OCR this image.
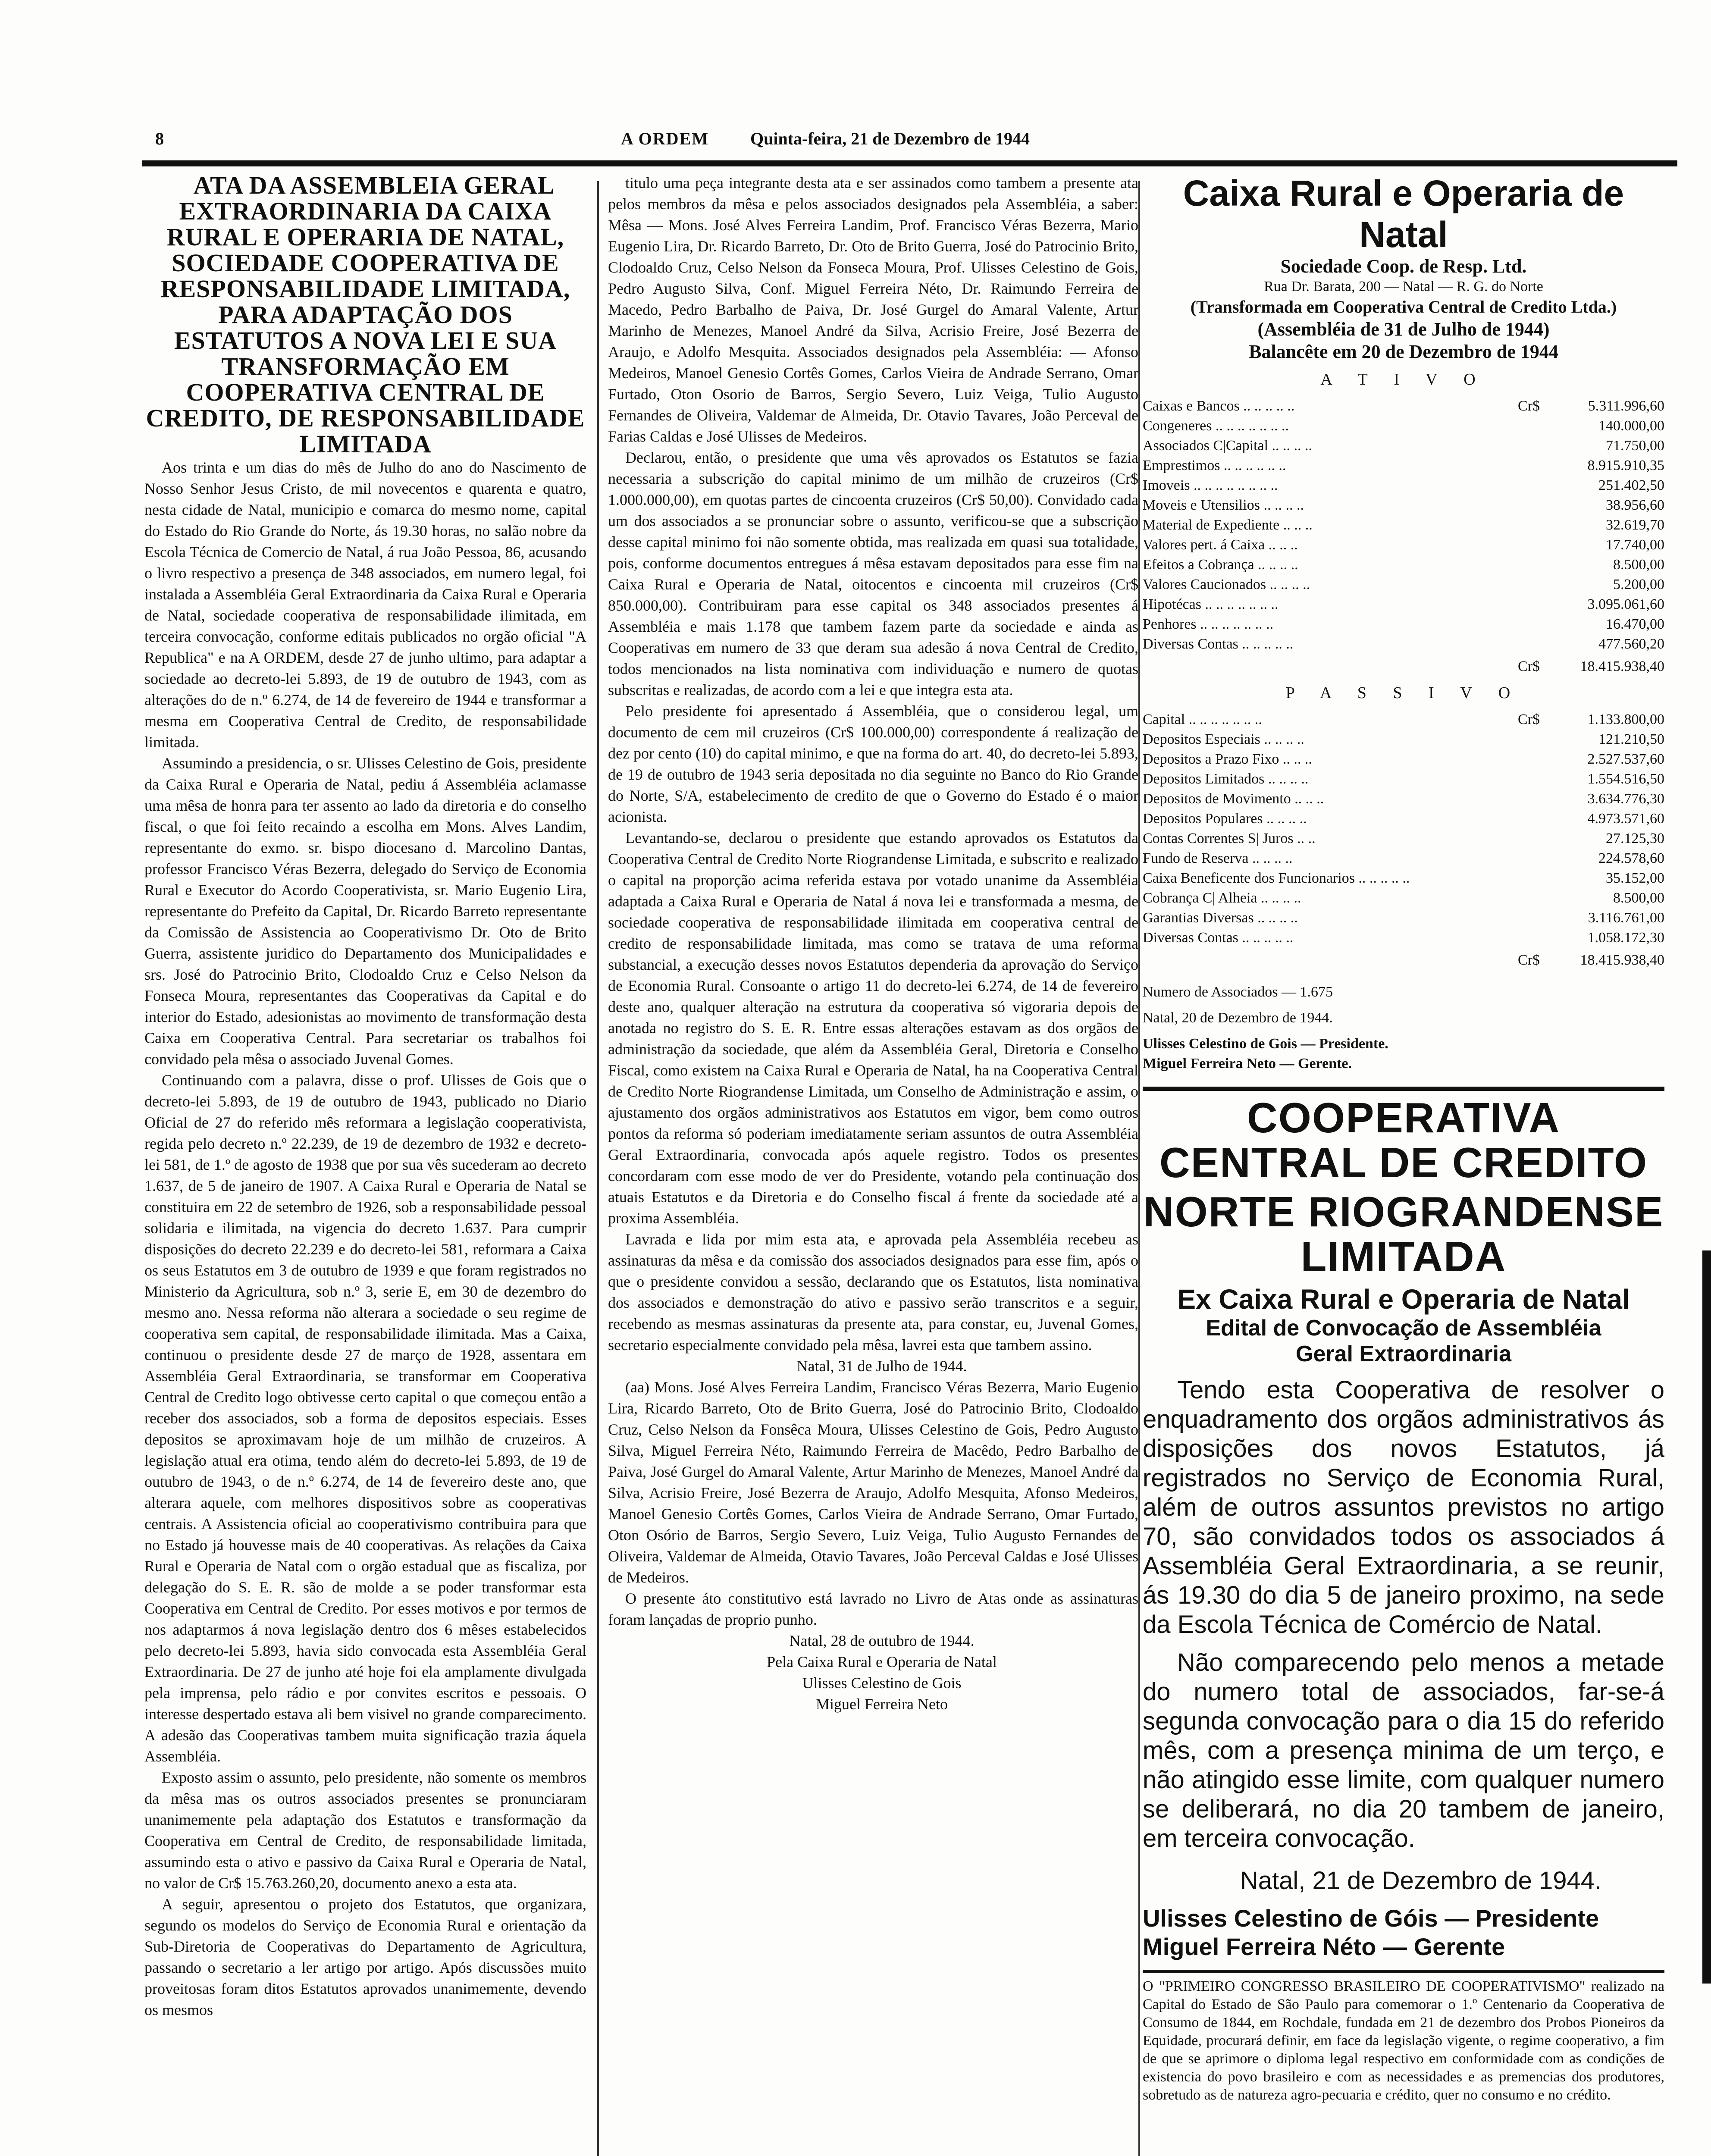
8	A ORDEM Quinta-feira, 21 de Dezembro de 1944

ATA DA ASSEMBLEIA GERAL EXTRAORDINARIA DA CAIXA RURAL E OPERARIA DE NATAL, SOCIEDADE COOPERATIVA DE RESPONSABILIDADE LIMITADA, PARA ADAPTAÇÃO DOS ESTATUTOS A NOVA LEI E SUA TRANSFORMAÇÃO EM COOPERATIVA CENTRAL DE CREDITO, DE RESPONSABILIDADE LIMITADA

Aos trinta e um dias do mês de Julho do ano do Nascimento de Nosso Senhor Jesus Cristo, de mil novecentos e quarenta e quatro, nesta cidade de Natal, municipio e comarca do mesmo nome, capital do Estado do Rio Grande do Norte, ás 19.30 horas, no salão nobre da Escola Técnica de Comercio de Natal, á rua João Pessoa, 86, acusando o livro respectivo a presença de 348 associados, em numero legal, foi instalada a Assembléia Geral Extraordinaria da Caixa Rural e Operaria de Natal, sociedade cooperativa de responsabilidade ilimitada, em terceira convocação, conforme editais publicados no orgão oficial "A Republica" e na A ORDEM, desde 27 de junho ultimo, para adaptar a sociedade ao decreto-lei 5.893, de 19 de outubro de 1943, com as alterações do de n.º 6.274, de 14 de fevereiro de 1944 e transformar a mesma em Cooperativa Central de Credito, de responsabilidade limitada.

Assumindo a presidencia, o sr. Ulisses Celestino de Gois, presidente da Caixa Rural e Operaria de Natal, pediu á Assembléia aclamasse uma mêsa de honra para ter assento ao lado da diretoria e do conselho fiscal, o que foi feito recaindo a escolha em Mons. Alves Landim, representante do exmo. sr. bispo diocesano d. Marcolino Dantas, professor Francisco Véras Bezerra, delegado do Serviço de Economia Rural e Executor do Acordo Cooperativista, sr. Mario Eugenio Lira, representante do Prefeito da Capital, Dr. Ricardo Barreto representante da Comissão de Assistencia ao Cooperativismo Dr. Oto de Brito Guerra, assistente juridico do Departamento dos Municipalidades e srs. José do Patrocinio Brito, Clodoaldo Cruz e Celso Nelson da Fonseca Moura, representantes das Cooperativas da Capital e do interior do Estado, adesionistas ao movimento de transformação desta Caixa em Cooperativa Central. Para secretariar os trabalhos foi convidado pela mêsa o associado Juvenal Gomes.

Continuando com a palavra, disse o prof. Ulisses de Gois que o decreto-lei 5.893, de 19 de outubro de 1943, publicado no Diario Oficial de 27 do referido mês reformara a legislação cooperativista, regida pelo decreto n.º 22.239, de 19 de dezembro de 1932 e decreto-lei 581, de 1.º de agosto de 1938 que por sua vês sucederam ao decreto 1.637, de 5 de janeiro de 1907. A Caixa Rural e Operaria de Natal se constituira em 22 de setembro de 1926, sob a responsabilidade pessoal solidaria e ilimitada, na vigencia do decreto 1.637. Para cumprir disposições do decreto 22.239 e do decreto-lei 581, reformara a Caixa os seus Estatutos em 3 de outubro de 1939 e que foram registrados no Ministerio da Agricultura, sob n.º 3, serie E, em 30 de dezembro do mesmo ano. Nessa reforma não alterara a sociedade o seu regime de cooperativa sem capital, de responsabilidade ilimitada. Mas a Caixa, continuou o presidente desde 27 de março de 1928, assentara em Assembléia Geral Extraordinaria, se transformar em Cooperativa Central de Credito logo obtivesse certo capital o que começou então a receber dos associados, sob a forma de depositos especiais. Esses depositos se aproximavam hoje de um milhão de cruzeiros. A legislação atual era otima, tendo além do decreto-lei 5.893, de 19 de outubro de 1943, o de n.º 6.274, de 14 de fevereiro deste ano, que alterara aquele, com melhores dispositivos sobre as cooperativas centrais. A Assistencia oficial ao cooperativismo contribuira para que no Estado já houvesse mais de 40 cooperativas. As relações da Caixa Rural e Operaria de Natal com o orgão estadual que as fiscaliza, por delegação do S. E. R. são de molde a se poder transformar esta Cooperativa em Central de Credito. Por esses motivos e por termos de nos adaptarmos á nova legislação dentro dos 6 mêses estabelecidos pelo decreto-lei 5.893, havia sido convocada esta Assembléia Geral Extraordinaria. De 27 de junho até hoje foi ela amplamente divulgada pela imprensa, pelo rádio e por convites escritos e pessoais. O interesse despertado estava ali bem visivel no grande comparecimento. A adesão das Cooperativas tambem muita significação trazia áquela Assembléia.

Exposto assim o assunto, pelo presidente, não somente os membros da mêsa mas os outros associados presentes se pronunciaram unanimemente pela adaptação dos Estatutos e transformação da Cooperativa em Central de Credito, de responsabilidade limitada, assumindo esta o ativo e passivo da Caixa Rural e Operaria de Natal, no valor de Cr$ 15.763.260,20, documento anexo a esta ata.

A seguir, apresentou o projeto dos Estatutos, que organizara, segundo os modelos do Serviço de Economia Rural e orientação da Sub-Diretoria de Cooperativas do Departamento de Agricultura, passando o secretario a ler artigo por artigo. Após discussões muito proveitosas foram ditos Estatutos aprovados unanimemente, devendo os mesmos

titulo uma peça integrante desta ata e ser assinados como tambem a presente ata pelos membros da mêsa e pelos associados designados pela Assembléia, a saber: Mêsa — Mons. José Alves Ferreira Landim, Prof. Francisco Véras Bezerra, Mario Eugenio Lira, Dr. Ricardo Barreto, Dr. Oto de Brito Guerra, José do Patrocinio Brito, Clodoaldo Cruz, Celso Nelson da Fonseca Moura, Prof. Ulisses Celestino de Gois, Pedro Augusto Silva, Conf. Miguel Ferreira Néto, Dr. Raimundo Ferreira de Macedo, Pedro Barbalho de Paiva, Dr. José Gurgel do Amaral Valente, Artur Marinho de Menezes, Manoel André da Silva, Acrisio Freire, José Bezerra de Araujo, e Adolfo Mesquita. Associados designados pela Assembléia: — Afonso Medeiros, Manoel Genesio Cortês Gomes, Carlos Vieira de Andrade Serrano, Omar Furtado, Oton Osorio de Barros, Sergio Severo, Luiz Veiga, Tulio Augusto Fernandes de Oliveira, Valdemar de Almeida, Dr. Otavio Tavares, João Perceval de Farias Caldas e José Ulisses de Medeiros.

Declarou, então, o presidente que uma vês aprovados os Estatutos se fazia necessaria a subscrição do capital minimo de um milhão de cruzeiros (Cr$ 1.000.000,00), em quotas partes de cincoenta cruzeiros (Cr$ 50,00). Convidado cada um dos associados a se pronunciar sobre o assunto, verificou-se que a subscrição desse capital minimo foi não somente obtida, mas realizada em quasi sua totalidade, pois, conforme documentos entregues á mêsa estavam depositados para esse fim na Caixa Rural e Operaria de Natal, oitocentos e cincoenta mil cruzeiros (Cr$ 850.000,00). Contribuiram para esse capital os 348 associados presentes á Assembléia e mais 1.178 que tambem fazem parte da sociedade e ainda as Cooperativas em numero de 33 que deram sua adesão á nova Central de Credito, todos mencionados na lista nominativa com individuação e numero de quotas subscritas e realizadas, de acordo com a lei e que integra esta ata.

Pelo presidente foi apresentado á Assembléia, que o considerou legal, um documento de cem mil cruzeiros (Cr$ 100.000,00) correspondente á realização de dez por cento (10) do capital minimo, e que na forma do art. 40, do decreto-lei 5.893, de 19 de outubro de 1943 seria depositada no dia seguinte no Banco do Rio Grande do Norte, S/A, estabelecimento de credito de que o Governo do Estado é o maior acionista.

Levantando-se, declarou o presidente que estando aprovados os Estatutos da Cooperativa Central de Credito Norte Riograndense Limitada, e subscrito e realizado o capital na proporção acima referida estava por votado unanime da Assembléia adaptada a Caixa Rural e Operaria de Natal á nova lei e transformada a mesma, de sociedade cooperativa de responsabilidade ilimitada em cooperativa central de credito de responsabilidade limitada, mas como se tratava de uma reforma substancial, a execução desses novos Estatutos dependeria da aprovação do Serviço de Economia Rural. Consoante o artigo 11 do decreto-lei 6.274, de 14 de fevereiro deste ano, qualquer alteração na estrutura da cooperativa só vigoraria depois de anotada no registro do S. E. R. Entre essas alterações estavam as dos orgãos de administração da sociedade, que além da Assembléia Geral, Diretoria e Conselho Fiscal, como existem na Caixa Rural e Operaria de Natal, ha na Cooperativa Central de Credito Norte Riograndense Limitada, um Conselho de Administração e assim, o ajustamento dos orgãos administrativos aos Estatutos em vigor, bem como outros pontos da reforma só poderiam imediatamente seriam assuntos de outra Assembléia Geral Extraordinaria, convocada após aquele registro. Todos os presentes concordaram com esse modo de ver do Presidente, votando pela continuação dos atuais Estatutos e da Diretoria e do Conselho fiscal á frente da sociedade até a proxima Assembléia.

Lavrada e lida por mim esta ata, e aprovada pela Assembléia recebeu as assinaturas da mêsa e da comissão dos associados designados para esse fim, após o que o presidente convidou a sessão, declarando que os Estatutos, lista nominativa dos associados e demonstração do ativo e passivo serão transcritos e a seguir, recebendo as mesmas assinaturas da presente ata, para constar, eu, Juvenal Gomes, secretario especialmente convidado pela mêsa, lavrei esta que tambem assino.

Natal, 31 de Julho de 1944.

(aa) Mons. José Alves Ferreira Landim, Francisco Véras Bezerra, Mario Eugenio Lira, Ricardo Barreto, Oto de Brito Guerra, José do Patrocinio Brito, Clodoaldo Cruz, Celso Nelson da Fonsêca Moura, Ulisses Celestino de Gois, Pedro Augusto Silva, Miguel Ferreira Néto, Raimundo Ferreira de Macêdo, Pedro Barbalho de Paiva, José Gurgel do Amaral Valente, Artur Marinho de Menezes, Manoel André da Silva, Acrisio Freire, José Bezerra de Araujo, Adolfo Mesquita, Afonso Medeiros, Manoel Genesio Cortês Gomes, Carlos Vieira de Andrade Serrano, Omar Furtado, Oton Osório de Barros, Sergio Severo, Luiz Veiga, Tulio Augusto Fernandes de Oliveira, Valdemar de Almeida, Otavio Tavares, João Perceval Caldas e José Ulisses de Medeiros.

O presente áto constitutivo está lavrado no Livro de Atas onde as assinaturas foram lançadas de proprio punho.

Natal, 28 de outubro de 1944.

Pela Caixa Rural e Operaria de Natal

Ulisses Celestino de Gois

Miguel Ferreira Neto

Caixa Rural e Operaria de Natal
Sociedade Coop. de Resp. Ltd.
Rua Dr. Barata, 200 — Natal — R. G. do Norte
(Transformada em Cooperativa Central de Credito Ltda.)
(Assembléia de 31 de Julho de 1944)
Balancête em 20 de Dezembro de 1944
A T I V O
Caixas e Bancos .. .. .. .. ..	Cr$	5.311.996,60
Congeneres .. .. .. .. .. .. ..	140.000,00
Associados C|Capital .. .. .. ..	71.750,00
Emprestimos .. .. .. .. .. ..	8.915.910,35
Imoveis .. .. .. .. .. .. .. ..	251.402,50
Moveis e Utensilios .. .. .. ..	38.956,60
Material de Expediente .. .. ..	32.619,70
Valores pert. á Caixa .. .. ..	17.740,00
Efeitos a Cobrança .. .. .. ..	8.500,00
Valores Caucionados .. .. .. ..	5.200,00
Hipotécas .. .. .. .. .. .. ..	3.095.061,60
Penhores .. .. .. .. .. .. ..	16.470,00
Diversas Contas .. .. .. .. ..	477.560,20
Cr$	18.415.938,40
P A S S I V O
Capital .. .. .. .. .. .. ..	Cr$	1.133.800,00
Depositos Especiais .. .. .. ..	121.210,50
Depositos a Prazo Fixo .. .. ..	2.527.537,60
Depositos Limitados .. .. .. ..	1.554.516,50
Depositos de Movimento .. .. ..	3.634.776,30
Depositos Populares .. .. .. ..	4.973.571,60
Contas Correntes S| Juros .. ..	27.125,30
Fundo de Reserva .. .. .. ..	224.578,60
Caixa Beneficente dos Funcionarios .. .. .. .. ..	35.152,00
Cobrança C| Alheia .. .. .. ..	8.500,00
Garantias Diversas .. .. .. ..	3.116.761,00
Diversas Contas .. .. .. .. ..	1.058.172,30
Cr$	18.415.938,40
Numero de Associados — 1.675
Natal, 20 de Dezembro de 1944.
Ulisses Celestino de Gois — Presidente.
Miguel Ferreira Neto — Gerente.
COOPERATIVA CENTRAL DE CREDITO
NORTE RIOGRANDENSE LIMITADA
Ex Caixa Rural e Operaria de Natal
Edital de Convocação de Assembléia
Geral Extraordinaria

Tendo esta Cooperativa de resolver o enquadramento dos orgãos administrativos ás disposições dos novos Estatutos, já registrados no Serviço de Economia Rural, além de outros assuntos previstos no artigo 70, são convidados todos os associados á Assembléia Geral Extraordinaria, a se reunir, ás 19.30 do dia 5 de janeiro proximo, na sede da Escola Técnica de Comércio de Natal.

Não comparecendo pelo menos a metade do numero total de associados, far-se-á segunda convocação para o dia 15 do referido mês, com a presença minima de um terço, e não atingido esse limite, com qualquer numero se deliberará, no dia 20 tambem de janeiro, em terceira convocação.

Natal, 21 de Dezembro de 1944.

Ulisses Celestino de Góis — Presidente
Miguel Ferreira Néto — Gerente
O "PRIMEIRO CONGRESSO BRASILEIRO DE COOPERATIVISMO" realizado na Capital do Estado de São Paulo para comemorar o 1.º Centenario da Cooperativa de Consumo de 1844, em Rochdale, fundada em 21 de dezembro dos Probos Pioneiros da Equidade, procurará definir, em face da legislação vigente, o regime cooperativo, a fim de que se aprimore o diploma legal respectivo em conformidade com as condições de existencia do povo brasileiro e com as necessidades e as premencias dos produtores, sobretudo as de natureza agro-pecuaria e crédito, quer no consumo e no crédito.
